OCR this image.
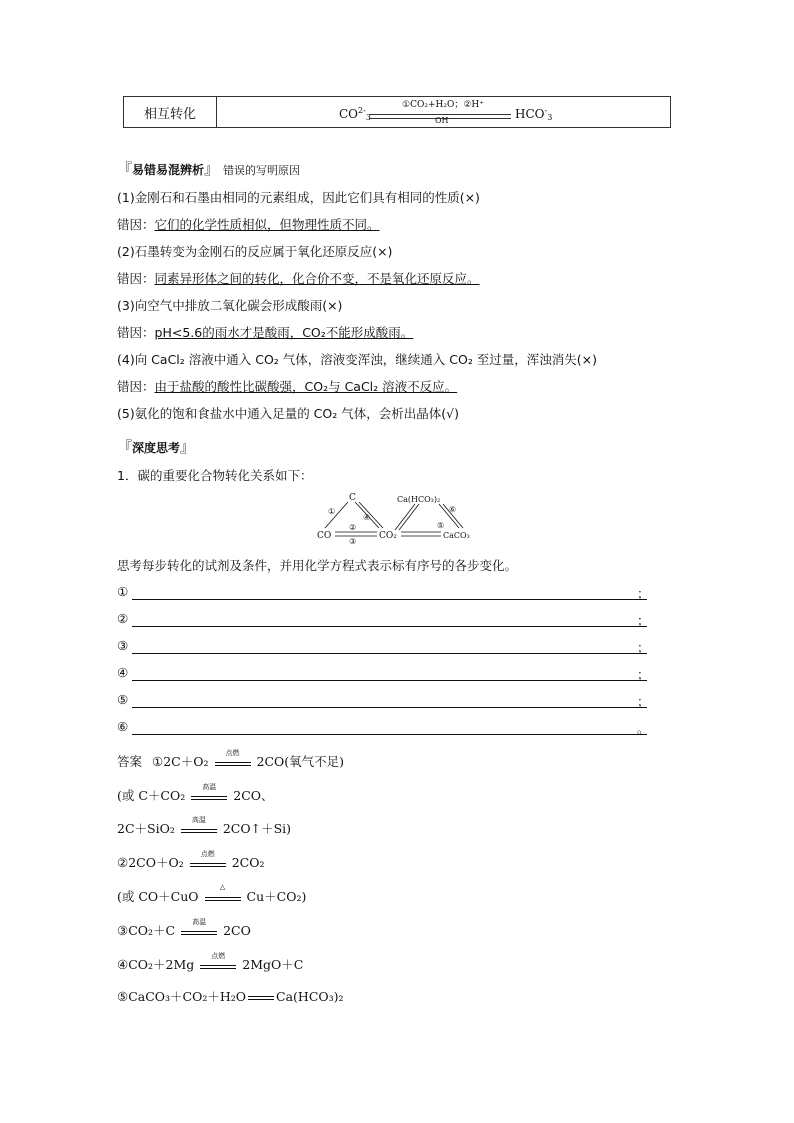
相互转化
①CO₂+H₂O；②H⁺
$CO^{2-}_3$	OH⁻	$HCO^-_3$
『易错易混辨析』 错误的写明原因
(1)金刚石和石墨由相同的元素组成，因此它们具有相同的性质(×)
错因：它们的化学性质相似，但物理性质不同。
(2)石墨转变为金刚石的反应属于氧化还原反应(×)
错因：同素异形体之间的转化，化合价不变，不是氧化还原反应。
(3)向空气中排放二氧化碳会形成酸雨(×)
错因：pH<5.6的雨水才是酸雨，CO₂不能形成酸雨。
(4)向 CaCl₂ 溶液中通入 CO₂ 气体，溶液变浑浊，继续通入 CO₂ 至过量，浑浊消失(×)
错因：由于盐酸的酸性比碳酸强，CO₂与 CaCl₂ 溶液不反应。
(5)氨化的饱和食盐水中通入足量的 CO₂ 气体，会析出晶体(√)
『深度思考』
1．碳的重要化合物转化关系如下：
C
CO	CO₂
Ca(HCO₃)₂
CaCO₃
①
②
③
④
⑤
⑥
思考每步转化的试剂及条件，并用化学方程式表示标有序号的各步变化。
①	；
②	；
③	；
④	；
⑤	；
⑥	。
答案 ①2C＋O₂
点燃
2CO(氧气不足)
(或 C＋CO₂
高温
2CO、
2C＋SiO₂
高温
2CO↑＋Si)
②2CO＋O₂
点燃
2CO₂
(或 CO＋CuO
△
Cu＋CO₂)
③CO₂＋C
高温
2CO
④CO₂＋2Mg
点燃
2MgO＋C
⑤CaCO₃＋CO₂＋H₂O Ca(HCO₃)₂
